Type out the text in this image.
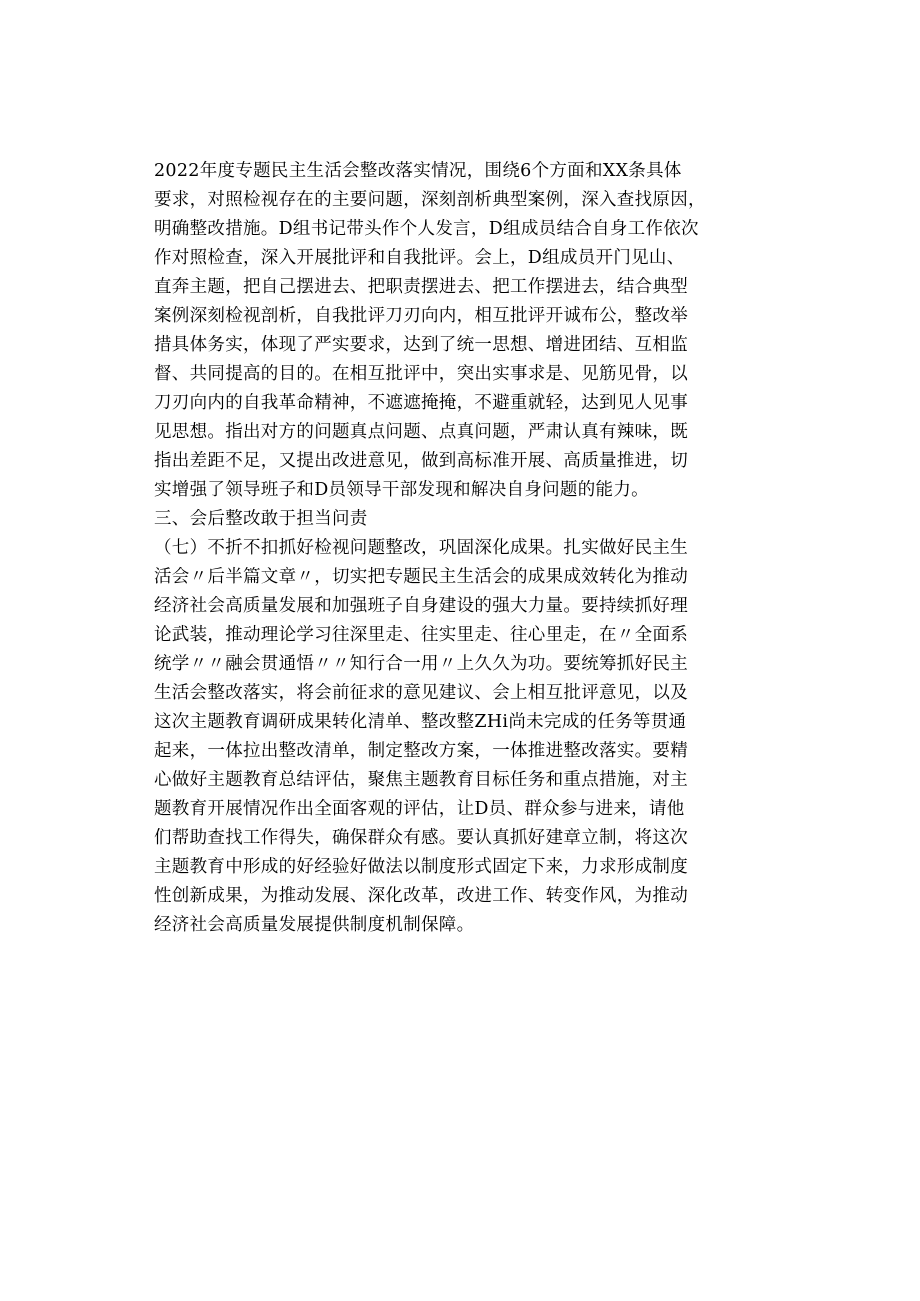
2022年度专题民主生活会整改落实情况，围绕6个方面和XX条具体
要求，对照检视存在的主要问题，深刻剖析典型案例，深入查找原因，
明确整改措施。D组书记带头作个人发言，D组成员结合自身工作依次
作对照检查，深入开展批评和自我批评。会上，D组成员开门见山、
直奔主题，把自己摆进去、把职责摆进去、把工作摆进去，结合典型
案例深刻检视剖析，自我批评刀刃向内，相互批评开诚布公，整改举
措具体务实，体现了严实要求，达到了统一思想、增进团结、互相监
督、共同提高的目的。在相互批评中，突出实事求是、见筋见骨，以
刀刃向内的自我革命精神，不遮遮掩掩，不避重就轻，达到见人见事
见思想。指出对方的问题真点问题、点真问题，严肃认真有辣味，既
指出差距不足，又提出改进意见，做到高标准开展、高质量推进，切
实增强了领导班子和D员领导干部发现和解决自身问题的能力。
三、会后整改敢于担当问责
（七）不折不扣抓好检视问题整改，巩固深化成果。扎实做好民主生
活会〃后半篇文章〃，切实把专题民主生活会的成果成效转化为推动
经济社会高质量发展和加强班子自身建设的强大力量。要持续抓好理
论武装，推动理论学习往深里走、往实里走、往心里走，在〃全面系
统学〃〃融会贯通悟〃〃知行合一用〃上久久为功。要统筹抓好民主
生活会整改落实，将会前征求的意见建议、会上相互批评意见，以及
这次主题教育调研成果转化清单、整改整ZHi尚未完成的任务等贯通
起来，一体拉出整改清单，制定整改方案，一体推进整改落实。要精
心做好主题教育总结评估，聚焦主题教育目标任务和重点措施，对主
题教育开展情况作出全面客观的评估，让D员、群众参与进来，请他
们帮助查找工作得失，确保群众有感。要认真抓好建章立制，将这次
主题教育中形成的好经验好做法以制度形式固定下来，力求形成制度
性创新成果，为推动发展、深化改革，改进工作、转变作风，为推动
经济社会高质量发展提供制度机制保障。
